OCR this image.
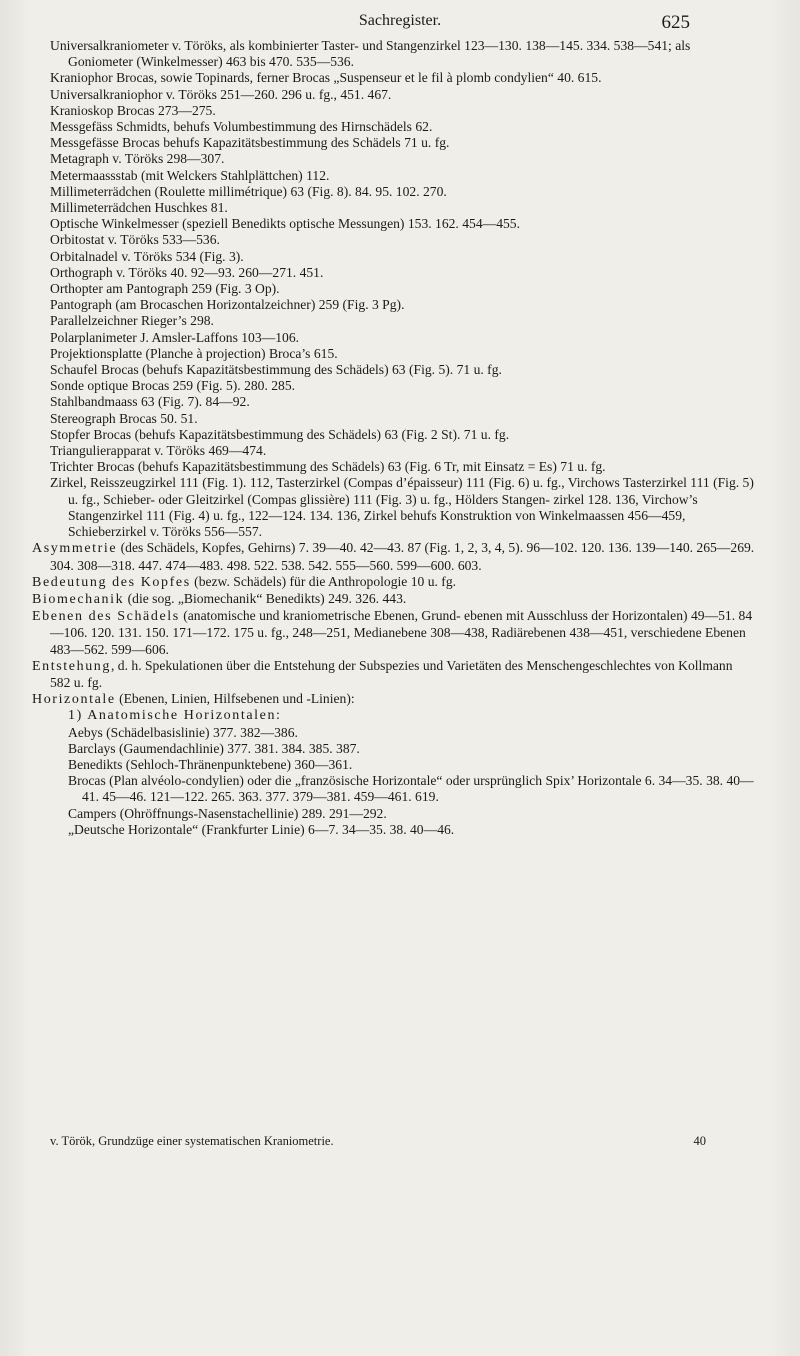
Sachregister.	625

Universalkraniometer v. Töröks, als kombinierter Taster- und Stangenzirkel 123—130. 138—145. 334. 538—541; als Goniometer (Winkelmesser) 463 bis 470. 535—536.

Kraniophor Brocas, sowie Topinards, ferner Brocas „Suspenseur et le fil à plomb condylien“ 40. 615.

Universalkraniophor v. Töröks 251—260. 296 u. fg., 451. 467.

Kranioskop Brocas 273—275.

Messgefäss Schmidts, behufs Volumbestimmung des Hirnschädels 62.

Messgefässe Brocas behufs Kapazitätsbestimmung des Schädels 71 u. fg.

Metagraph v. Töröks 298—307.

Metermaassstab (mit Welckers Stahlplättchen) 112.

Millimeterrädchen (Roulette millimétrique) 63 (Fig. 8). 84. 95. 102. 270.

Millimeterrädchen Huschkes 81.

Optische Winkelmesser (speziell Benedikts optische Messungen) 153. 162. 454—455.

Orbitostat v. Töröks 533—536.

Orbitalnadel v. Töröks 534 (Fig. 3).

Orthograph v. Töröks 40. 92—93. 260—271. 451.

Orthopter am Pantograph 259 (Fig. 3 Op).

Pantograph (am Brocaschen Horizontalzeichner) 259 (Fig. 3 Pg).

Parallelzeichner Rieger’s 298.

Polarplanimeter J. Amsler-Laffons 103—106.

Projektionsplatte (Planche à projection) Broca’s 615.

Schaufel Brocas (behufs Kapazitätsbestimmung des Schädels) 63 (Fig. 5). 71 u. fg.

Sonde optique Brocas 259 (Fig. 5). 280. 285.

Stahlbandmaass 63 (Fig. 7). 84—92.

Stereograph Brocas 50. 51.

Stopfer Brocas (behufs Kapazitätsbestimmung des Schädels) 63 (Fig. 2 St). 71 u. fg.

Triangulierapparat v. Töröks 469—474.

Trichter Brocas (behufs Kapazitätsbestimmung des Schädels) 63 (Fig. 6 Tr, mit Einsatz = Es) 71 u. fg.

Zirkel, Reisszeugzirkel 111 (Fig. 1). 112, Tasterzirkel (Compas d’épaisseur) 111 (Fig. 6) u. fg., Virchows Tasterzirkel 111 (Fig. 5) u. fg., Schieber- oder Gleitzirkel (Compas glissière) 111 (Fig. 3) u. fg., Hölders Stangen- zirkel 128. 136, Virchow’s Stangenzirkel 111 (Fig. 4) u. fg., 122—124. 134. 136, Zirkel behufs Konstruktion von Winkelmaassen 456—459, Schieberzirkel v. Töröks 556—557.

Asymmetrie (des Schädels, Kopfes, Gehirns) 7. 39—40. 42—43. 87 (Fig. 1, 2, 3, 4, 5). 96—102. 120. 136. 139—140. 265—269. 304. 308—318. 447. 474—483. 498. 522. 538. 542. 555—560. 599—600. 603.

Bedeutung des Kopfes (bezw. Schädels) für die Anthropologie 10 u. fg.

Biomechanik (die sog. „Biomechanik“ Benedikts) 249. 326. 443.

Ebenen des Schädels (anatomische und kraniometrische Ebenen, Grund- ebenen mit Ausschluss der Horizontalen) 49—51. 84—106. 120. 131. 150. 171—172. 175 u. fg., 248—251, Medianebene 308—438, Radiärebenen 438—451, verschiedene Ebenen 483—562. 599—606.

Entstehung, d. h. Spekulationen über die Entstehung der Subspezies und Varietäten des Menschengeschlechtes von Kollmann 582 u. fg.

Horizontale (Ebenen, Linien, Hilfsebenen und -Linien):

1) Anatomische Horizontalen:

Aebys (Schädelbasislinie) 377. 382—386.

Barclays (Gaumendachlinie) 377. 381. 384. 385. 387.

Benedikts (Sehloch-Thränenpunktebene) 360—361.

Brocas (Plan alvéolo-condylien) oder die „französische Horizontale“ oder ursprünglich Spix’ Horizontale 6. 34—35. 38. 40—41. 45—46. 121—122. 265. 363. 377. 379—381. 459—461. 619.

Campers (Ohröffnungs-Nasenstachellinie) 289. 291—292.

„Deutsche Horizontale“ (Frankfurter Linie) 6—7. 34—35. 38. 40—46.

v. Török, Grundzüge einer systematischen Kraniometrie.	40
